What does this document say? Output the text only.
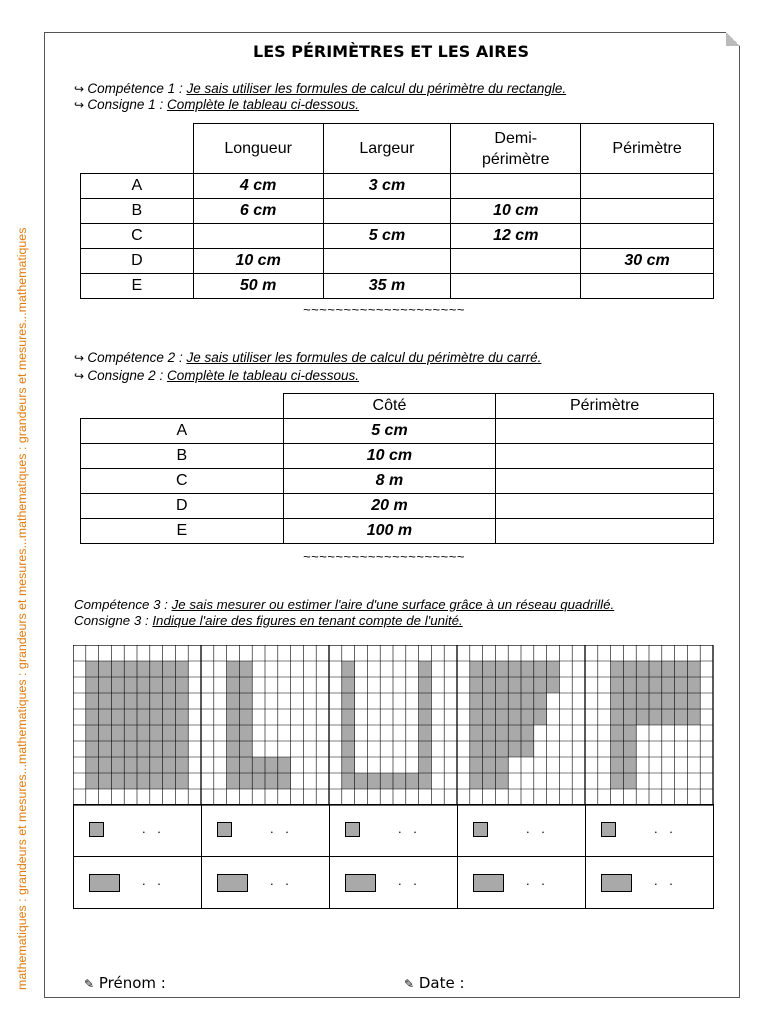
mathematiques : grandeurs et mesures...mathematiques : grandeurs et mesures...mathematiques : grandeurs et mesures...mathematiques
LES PÉRIMÈTRES ET LES AIRES
↪ Compétence 1 : Je sais utiliser les formules de calcul du périmètre du rectangle.
↪ Consigne 1 : Complète le tableau ci-dessous.
	Longueur	Largeur	Demi-
périmètre	Périmètre
A	4 cm	3 cm		
B	6 cm		10 cm	
C		5 cm	12 cm	
D	10 cm			30 cm
E	50 m	35 m		
~~~~~~~~~~~~~~~~~~~~
↪ Compétence 2 : Je sais utiliser les formules de calcul du périmètre du carré.
↪ Consigne 2 : Complète le tableau ci-dessous.
	Côté	Périmètre
A	5 cm	
B	10 cm	
C	8 m	
D	20 m	
E	100 m	
~~~~~~~~~~~~~~~~~~~~
Compétence 3 : Je sais mesurer ou estimer l'aire d'une surface grâce à un réseau quadrillé.
Consigne 3 : Indique l'aire des figures en tenant compte de l'unité.
. .	. .	. .	. .	. .
. .	. .	. .	. .	. .
✎ Prénom :	✎ Date :
